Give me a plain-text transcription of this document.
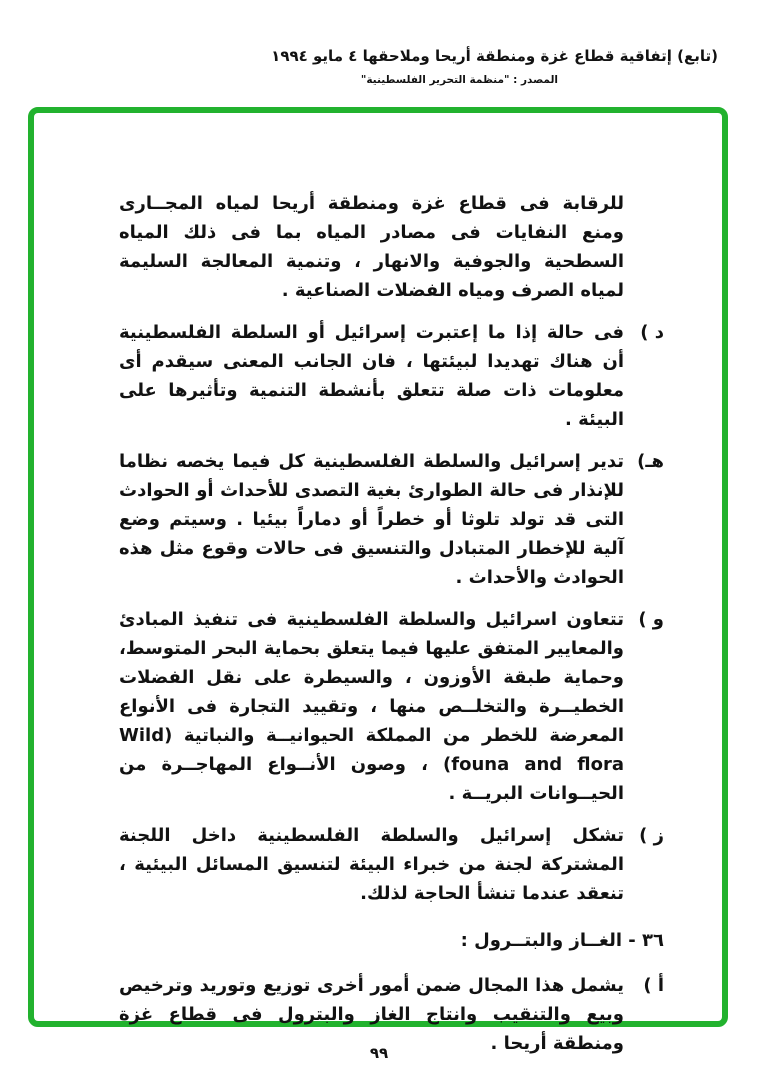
(تابع) إتفاقية قطاع غزة ومنطقة أريحا وملاحقها ٤ مايو ١٩٩٤
المصدر : "منظمة التحرير الفلسطينية"
للرقابة فى قطاع غزة ومنطقة أريحا لمياه المجــارى ومنع النفايات فى مصادر المياه بما فى ذلك المياه السطحية والجوفية والانهار ، وتنمية المعالجة السليمة لمياه الصرف ومياه الفضلات الصناعية .
د )
فى حالة إذا ما إعتبرت إسرائيل أو السلطة الفلسطينية أن هناك تهديدا لبيئتها ، فان الجانب المعنى سيقدم أى معلومات ذات صلة تتعلق بأنشطة التنمية وتأثيرها على البيئة .
هـ)
تدير إسرائيل والسلطة الفلسطينية كل فيما يخصه نظاما للإنذار فى حالة الطوارئ بغية التصدى للأحداث أو الحوادث التى قد تولد تلوثا أو خطراً أو دماراً بيئيا . وسيتم وضع آلية للإخطار المتبادل والتنسيق فى حالات وقوع مثل هذه الحوادث والأحداث .
و )
تتعاون اسرائيل والسلطة الفلسطينية فى تنفيذ المبادئ والمعايير المتفق عليها فيما يتعلق بحماية البحر المتوسط، وحماية طبقة الأوزون ، والسيطرة على نقل الفضلات الخطيــرة والتخلــص منها ، وتقييد التجارة فى الأنواع المعرضة للخطر من المملكة الحيوانيــة والنباتية (Wild founa and flora) ، وصون الأنــواع المهاجــرة من الحيــوانات البريــة .
ز )
تشكل إسرائيل والسلطة الفلسطينية داخل اللجنة المشتركة لجنة من خبراء البيئة لتنسيق المسائل البيئية ، تنعقد عندما تنشأ الحاجة لذلك.
٣٦ - الغــاز والبتــرول :
أ )
يشمل هذا المجال ضمن أمور أخرى توزيع وتوريد وترخيص وبيع والتنقيب وانتاج الغاز والبترول فى قطاع غزة ومنطقة أريحا .
٩٩
